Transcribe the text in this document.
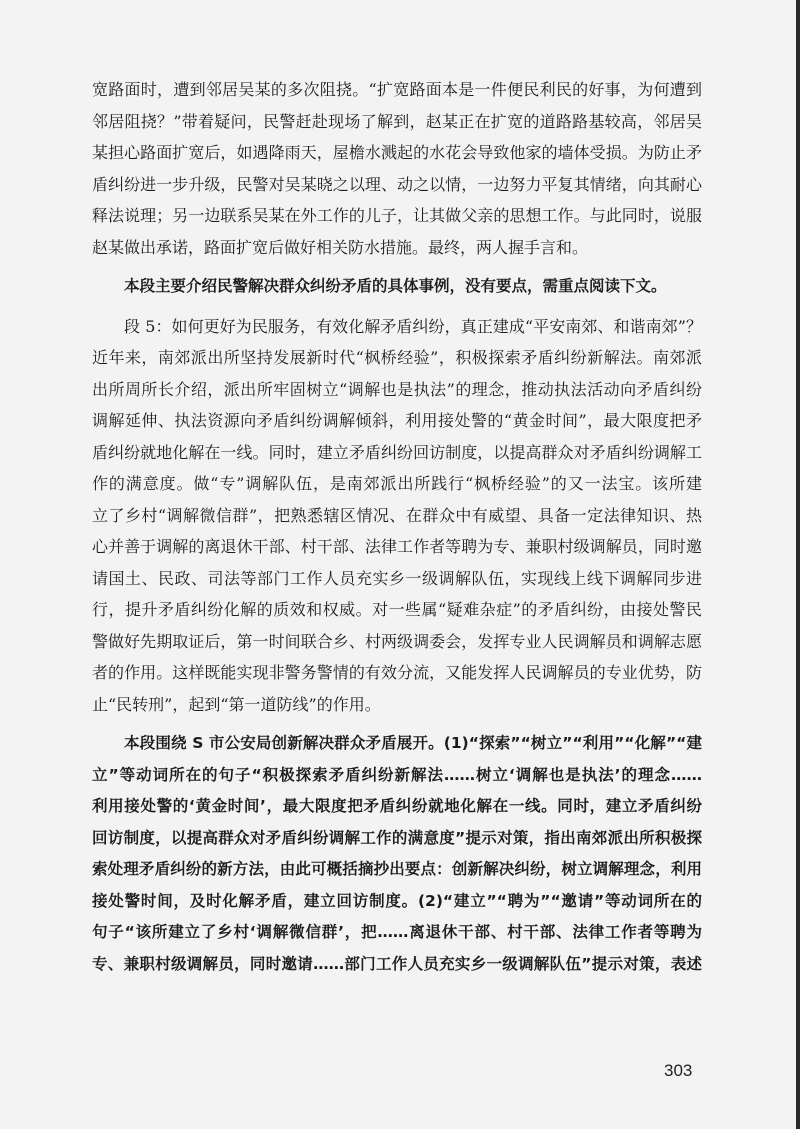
宽路面时，遭到邻居吴某的多次阻挠。“扩宽路面本是一件便民利民的好事，为何遭到
邻居阻挠？”带着疑问，民警赶赴现场了解到，赵某正在扩宽的道路路基较高，邻居吴
某担心路面扩宽后，如遇降雨天，屋檐水溅起的水花会导致他家的墙体受损。为防止矛
盾纠纷进一步升级，民警对吴某晓之以理、动之以情，一边努力平复其情绪，向其耐心
释法说理；另一边联系吴某在外工作的儿子，让其做父亲的思想工作。与此同时，说服
赵某做出承诺，路面扩宽后做好相关防水措施。最终，两人握手言和。
本段主要介绍民警解决群众纠纷矛盾的具体事例，没有要点，需重点阅读下文。
段 5：如何更好为民服务，有效化解矛盾纠纷，真正建成“平安南郊、和谐南郊”？
近年来，南郊派出所坚持发展新时代“枫桥经验”，积极探索矛盾纠纷新解法。南郊派
出所周所长介绍，派出所牢固树立“调解也是执法”的理念，推动执法活动向矛盾纠纷
调解延伸、执法资源向矛盾纠纷调解倾斜，利用接处警的“黄金时间”，最大限度把矛
盾纠纷就地化解在一线。同时，建立矛盾纠纷回访制度，以提高群众对矛盾纠纷调解工
作的满意度。做“专”调解队伍，是南郊派出所践行“枫桥经验”的又一法宝。该所建
立了乡村“调解微信群”，把熟悉辖区情况、在群众中有威望、具备一定法律知识、热
心并善于调解的离退休干部、村干部、法律工作者等聘为专、兼职村级调解员，同时邀
请国土、民政、司法等部门工作人员充实乡一级调解队伍，实现线上线下调解同步进
行，提升矛盾纠纷化解的质效和权威。对一些属“疑难杂症”的矛盾纠纷，由接处警民
警做好先期取证后，第一时间联合乡、村两级调委会，发挥专业人民调解员和调解志愿
者的作用。这样既能实现非警务警情的有效分流，又能发挥人民调解员的专业优势，防
止“民转刑”，起到“第一道防线”的作用。
本段围绕 S 市公安局创新解决群众矛盾展开。(1)“探索”“树立”“利用”“化解”“建
立”等动词所在的句子“积极探索矛盾纠纷新解法……树立‘调解也是执法’的理念……
利用接处警的‘黄金时间’，最大限度把矛盾纠纷就地化解在一线。同时，建立矛盾纠纷
回访制度，以提高群众对矛盾纠纷调解工作的满意度”提示对策，指出南郊派出所积极探
索处理矛盾纠纷的新方法，由此可概括摘抄出要点：创新解决纠纷，树立调解理念，利用
接处警时间，及时化解矛盾，建立回访制度。(2)“建立”“聘为”“邀请”等动词所在的
句子“该所建立了乡村‘调解微信群’，把……离退休干部、村干部、法律工作者等聘为
专、兼职村级调解员，同时邀请……部门工作人员充实乡一级调解队伍”提示对策，表述
303
